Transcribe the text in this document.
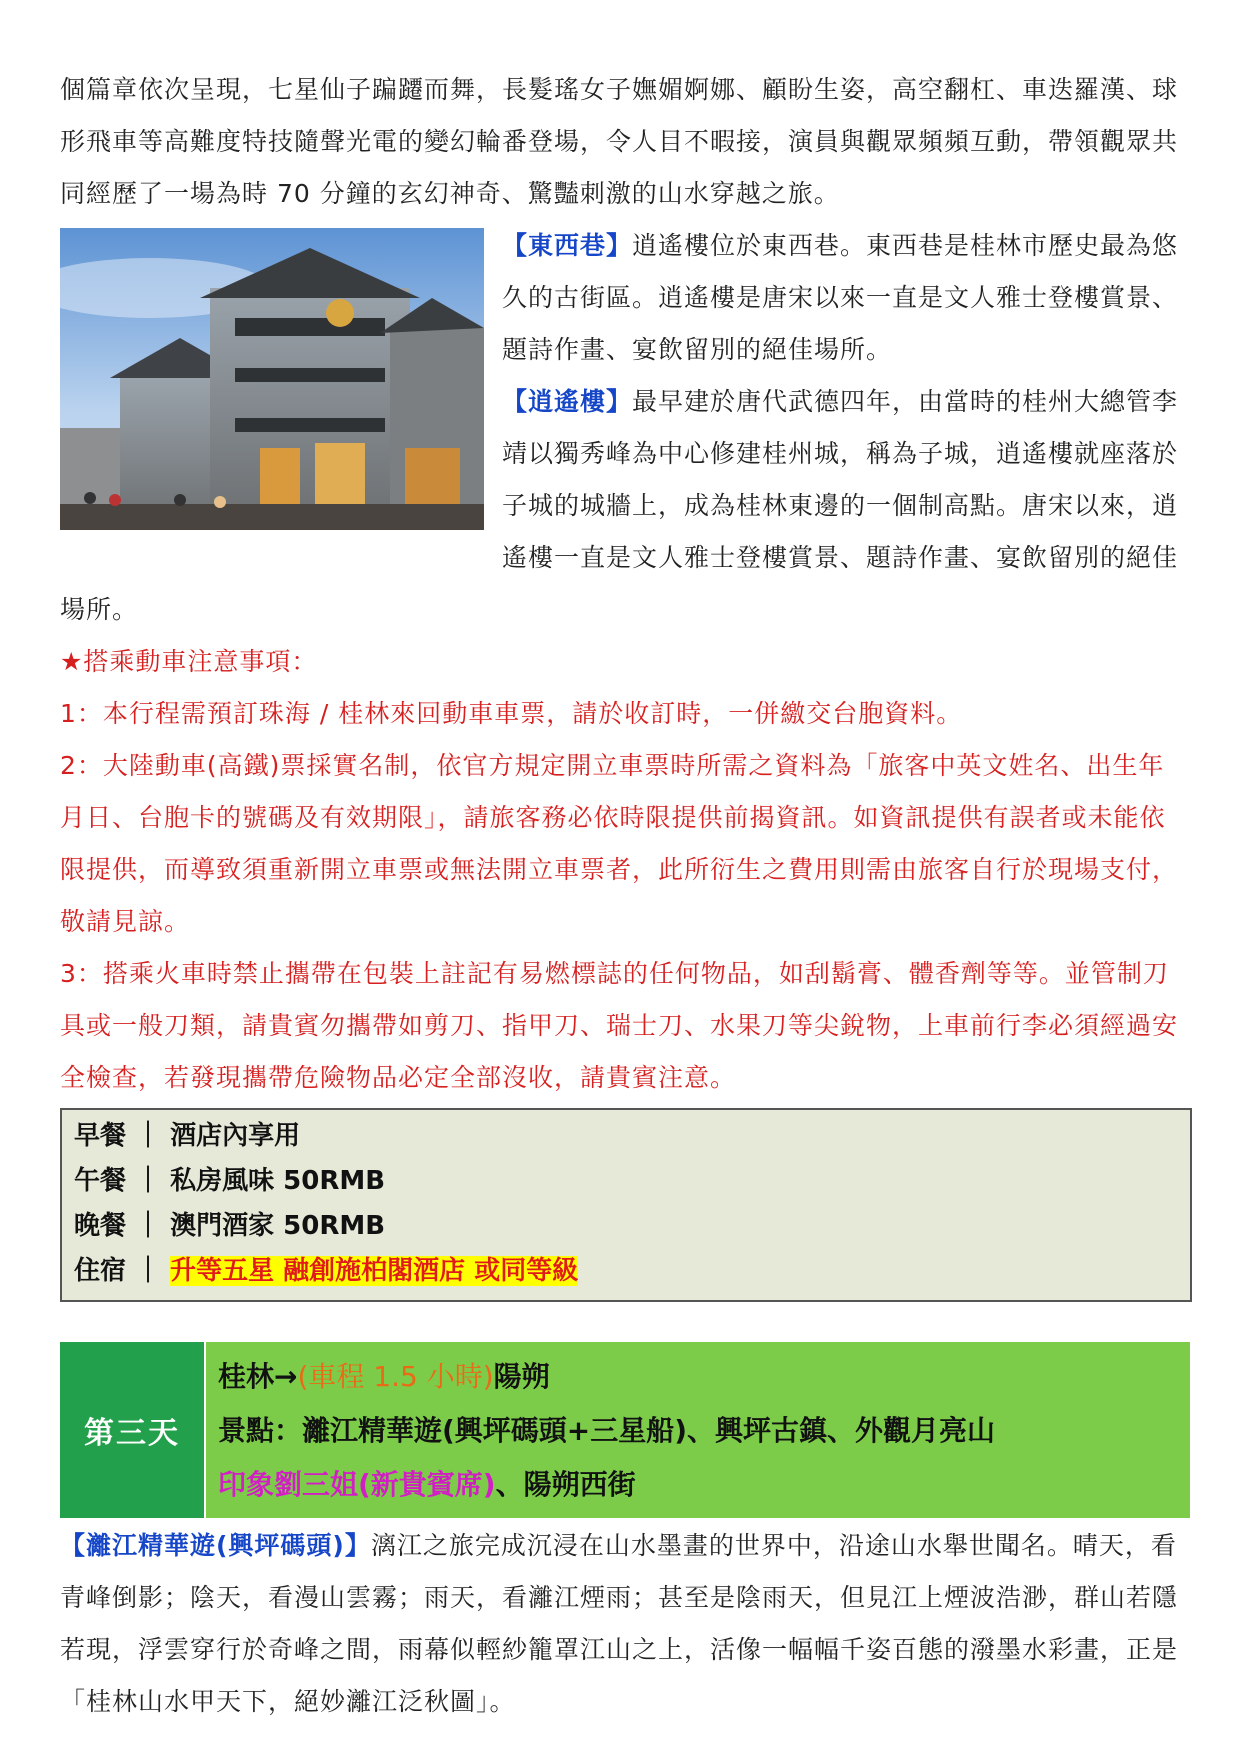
個篇章依次呈現，七星仙子蹁躚而舞，長髮瑤女子嫵媚婀娜、顧盼生姿，高空翻杠、車迭羅漢、球形飛車等高難度特技隨聲光電的變幻輪番登場，令人目不暇接，演員與觀眾頻頻互動，帶領觀眾共同經歷了一場為時 70 分鐘的玄幻神奇、驚豔刺激的山水穿越之旅。

【東西巷】逍遙樓位於東西巷。東西巷是桂林市歷史最為悠久的古街區。逍遙樓是唐宋以來一直是文人雅士登樓賞景、題詩作畫、宴飲留別的絕佳場所。

【逍遙樓】最早建於唐代武德四年，由當時的桂州大總管李靖以獨秀峰為中心修建桂州城，稱為子城，逍遙樓就座落於子城的城牆上，成為桂林東邊的一個制高點。唐宋以來，逍遙樓一直是文人雅士登樓賞景、題詩作畫、宴飲留別的絕佳場所。

★搭乘動車注意事項：

1：本行程需預訂珠海 / 桂林來回動車車票，請於收訂時，一併繳交台胞資料。

2：大陸動車(高鐵)票採實名制，依官方規定開立車票時所需之資料為「旅客中英文姓名、出生年月日、台胞卡的號碼及有效期限」，請旅客務必依時限提供前揭資訊。如資訊提供有誤者或未能依限提供，而導致須重新開立車票或無法開立車票者，此所衍生之費用則需由旅客自行於現場支付，敬請見諒。

3：搭乘火車時禁止攜帶在包裝上註記有易燃標誌的任何物品，如刮鬍膏、體香劑等等。並管制刀具或一般刀類，請貴賓勿攜帶如剪刀、指甲刀、瑞士刀、水果刀等尖銳物，上車前行李必須經過安全檢查，若發現攜帶危險物品必定全部沒收，請貴賓注意。

早餐 ｜ 酒店內享用
午餐 ｜ 私房風味 50RMB
晚餐 ｜ 澳門酒家 50RMB
住宿 ｜ 升等五星 融創施柏閣酒店 或同等級
第三天
桂林→(車程 1.5 小時)陽朔
景點：灕江精華遊(興坪碼頭+三星船)、興坪古鎮、外觀月亮山
印象劉三姐(新貴賓席)、陽朔西街

【灕江精華遊(興坪碼頭)】漓江之旅完成沉浸在山水墨畫的世界中，沿途山水舉世聞名。晴天，看青峰倒影；陰天，看漫山雲霧；雨天，看灕江煙雨；甚至是陰雨天，但見江上煙波浩渺，群山若隱若現，浮雲穿行於奇峰之間，雨幕似輕紗籠罩江山之上，活像一幅幅千姿百態的潑墨水彩畫，正是「桂林山水甲天下，絕妙灕江泛秋圖」。
